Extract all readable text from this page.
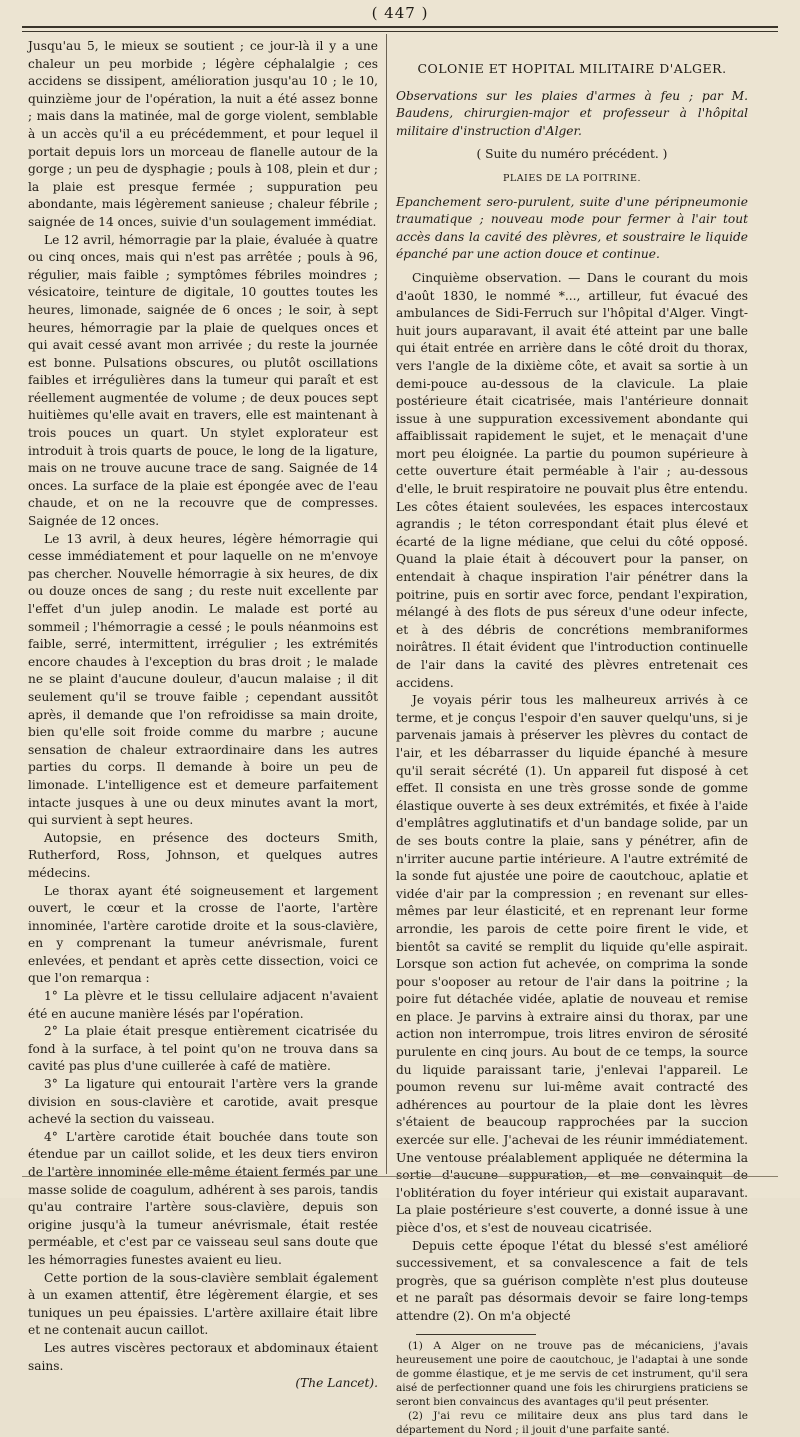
( 447 )

Jusqu'au 5, le mieux se soutient ; ce jour-là il y a une chaleur un peu morbide ; légère céphalalgie ; ces accidens se dissipent, amélioration jusqu'au 10 ; le 10, quinzième jour de l'opération, la nuit a été assez bonne ; mais dans la matinée, mal de gorge violent, semblable à un accès qu'il a eu précédemment, et pour lequel il portait depuis lors un morceau de flanelle autour de la gorge ; un peu de dysphagie ; pouls à 108, plein et dur ; la plaie est presque fermée ; suppuration peu abondante, mais légèrement sanieuse ; chaleur fébrile ; saignée de 14 onces, suivie d'un soulagement immédiat.

Le 12 avril, hémorragie par la plaie, évaluée à quatre ou cinq onces, mais qui n'est pas arrêtée ; pouls à 96, régulier, mais faible ; symptômes fébriles moindres ; vésicatoire, teinture de digitale, 10 gouttes toutes les heures, limonade, saignée de 6 onces ; le soir, à sept heures, hémorragie par la plaie de quelques onces et qui avait cessé avant mon arrivée ; du reste la journée est bonne. Pulsations obscures, ou plutôt oscillations faibles et irrégulières dans la tumeur qui paraît et est réellement augmentée de volume ; de deux pouces sept huitièmes qu'elle avait en travers, elle est maintenant à trois pouces un quart. Un stylet explorateur est introduit à trois quarts de pouce, le long de la ligature, mais on ne trouve aucune trace de sang. Saignée de 14 onces. La surface de la plaie est épongée avec de l'eau chaude, et on ne la recouvre que de compresses. Saignée de 12 onces.

Le 13 avril, à deux heures, légère hémorragie qui cesse immédiatement et pour laquelle on ne m'envoye pas chercher. Nouvelle hémorragie à six heures, de dix ou douze onces de sang ; du reste nuit excellente par l'effet d'un julep anodin. Le malade est porté au sommeil ; l'hémorragie a cessé ; le pouls néanmoins est faible, serré, intermittent, irrégulier ; les extrémités encore chaudes à l'exception du bras droit ; le malade ne se plaint d'aucune douleur, d'aucun malaise ; il dit seulement qu'il se trouve faible ; cependant aussitôt après, il demande que l'on refroidisse sa main droite, bien qu'elle soit froide comme du marbre ; aucune sensation de chaleur extraordinaire dans les autres parties du corps. Il demande à boire un peu de limonade. L'intelligence est et demeure parfaitement intacte jusques à une ou deux minutes avant la mort, qui survient à sept heures.

Autopsie, en présence des docteurs Smith, Rutherford, Ross, Johnson, et quelques autres médecins.

Le thorax ayant été soigneusement et largement ouvert, le cœur et la crosse de l'aorte, l'artère innominée, l'artère carotide droite et la sous-clavière, en y comprenant la tumeur anévrismale, furent enlevées, et pendant et après cette dissection, voici ce que l'on remarqua :

1° La plèvre et le tissu cellulaire adjacent n'avaient été en aucune manière lésés par l'opération.

2° La plaie était presque entièrement cicatrisée du fond à la surface, à tel point qu'on ne trouva dans sa cavité pas plus d'une cuillerée à café de matière.

3° La ligature qui entourait l'artère vers la grande division en sous-clavière et carotide, avait presque achevé la section du vaisseau.

4° L'artère carotide était bouchée dans toute son étendue par un caillot solide, et les deux tiers environ de l'artère innominée elle-même étaient fermés par une masse solide de coagulum, adhérent à ses parois, tandis qu'au contraire l'artère sous-clavière, depuis son origine jusqu'à la tumeur anévrismale, était restée perméable, et c'est par ce vaisseau seul sans doute que les hémorragies funestes avaient eu lieu.

Cette portion de la sous-clavière semblait également à un examen attentif, être légèrement élargie, et ses tuniques un peu épaissies. L'artère axillaire était libre et ne contenait aucun caillot.

Les autres viscères pectoraux et abdominaux étaient sains.

(The Lancet).

COLONIE ET HOPITAL MILITAIRE D'ALGER.

Observations sur les plaies d'armes à feu ; par M. Baudens, chirurgien-major et professeur à l'hôpital militaire d'instruction d'Alger.

( Suite du numéro précédent. )

PLAIES DE LA POITRINE.

Epanchement sero-purulent, suite d'une péripneumonie traumatique ; nouveau mode pour fermer à l'air tout accès dans la cavité des plèvres, et soustraire le liquide épanché par une action douce et continue.

Cinquième observation. — Dans le courant du mois d'août 1830, le nommé *..., artilleur, fut évacué des ambulances de Sidi-Ferruch sur l'hôpital d'Alger. Vingt-huit jours auparavant, il avait été atteint par une balle qui était entrée en arrière dans le côté droit du thorax, vers l'angle de la dixième côte, et avait sa sortie à un demi-pouce au-dessous de la clavicule. La plaie postérieure était cicatrisée, mais l'antérieure donnait issue à une suppuration excessivement abondante qui affaiblissait rapidement le sujet, et le menaçait d'une mort peu éloignée. La partie du poumon supérieure à cette ouverture était perméable à l'air ; au-dessous d'elle, le bruit respiratoire ne pouvait plus être entendu. Les côtes étaient soulevées, les espaces intercostaux agrandis ; le téton correspondant était plus élevé et écarté de la ligne médiane, que celui du côté opposé. Quand la plaie était à découvert pour la panser, on entendait à chaque inspiration l'air pénétrer dans la poitrine, puis en sortir avec force, pendant l'expiration, mélangé à des flots de pus séreux d'une odeur infecte, et à des débris de concrétions membraniformes noirâtres. Il était évident que l'introduction continuelle de l'air dans la cavité des plèvres entretenait ces accidens.

Je voyais périr tous les malheureux arrivés à ce terme, et je conçus l'espoir d'en sauver quelqu'uns, si je parvenais jamais à préserver les plèvres du contact de l'air, et les débarrasser du liquide épanché à mesure qu'il serait sécrété (1). Un appareil fut disposé à cet effet. Il consista en une très grosse sonde de gomme élastique ouverte à ses deux extrémités, et fixée à l'aide d'emplâtres agglutinatifs et d'un bandage solide, par un de ses bouts contre la plaie, sans y pénétrer, afin de n'irriter aucune partie intérieure. A l'autre extrémité de la sonde fut ajustée une poire de caoutchouc, aplatie et vidée d'air par la compression ; en revenant sur elles-mêmes par leur élasticité, et en reprenant leur forme arrondie, les parois de cette poire firent le vide, et bientôt sa cavité se remplit du liquide qu'elle aspirait. Lorsque son action fut achevée, on comprima la sonde pour s'ooposer au retour de l'air dans la poitrine ; la poire fut détachée vidée, aplatie de nouveau et remise en place. Je parvins à extraire ainsi du thorax, par une action non interrompue, trois litres environ de sérosité purulente en cinq jours. Au bout de ce temps, la source du liquide paraissant tarie, j'enlevai l'appareil. Le poumon revenu sur lui-même avait contracté des adhérences au pourtour de la plaie dont les lèvres s'étaient de beaucoup rapprochées par la succion exercée sur elle. J'achevai de les réunir immédiatement. Une ventouse préalablement appliquée ne détermina la sortie d'aucune suppuration, et me convainquit de l'oblitération du foyer intérieur qui existait auparavant. La plaie postérieure s'est couverte, a donné issue à une pièce d'os, et s'est de nouveau cicatrisée.

Depuis cette époque l'état du blessé s'est amélioré successivement, et sa convalescence a fait de tels progrès, que sa guérison complète n'est plus douteuse et ne paraît pas désormais devoir se faire long-temps attendre (2). On m'a objecté

(1) A Alger on ne trouve pas de mécaniciens, j'avais heureusement une poire de caoutchouc, je l'adaptai à une sonde de gomme élastique, et je me servis de cet instrument, qu'il sera aisé de perfectionner quand une fois les chirurgiens praticiens se seront bien convaincus des avantages qu'il peut présenter.

(2) J'ai revu ce militaire deux ans plus tard dans le département du Nord ; il jouit d'une parfaite santé.
